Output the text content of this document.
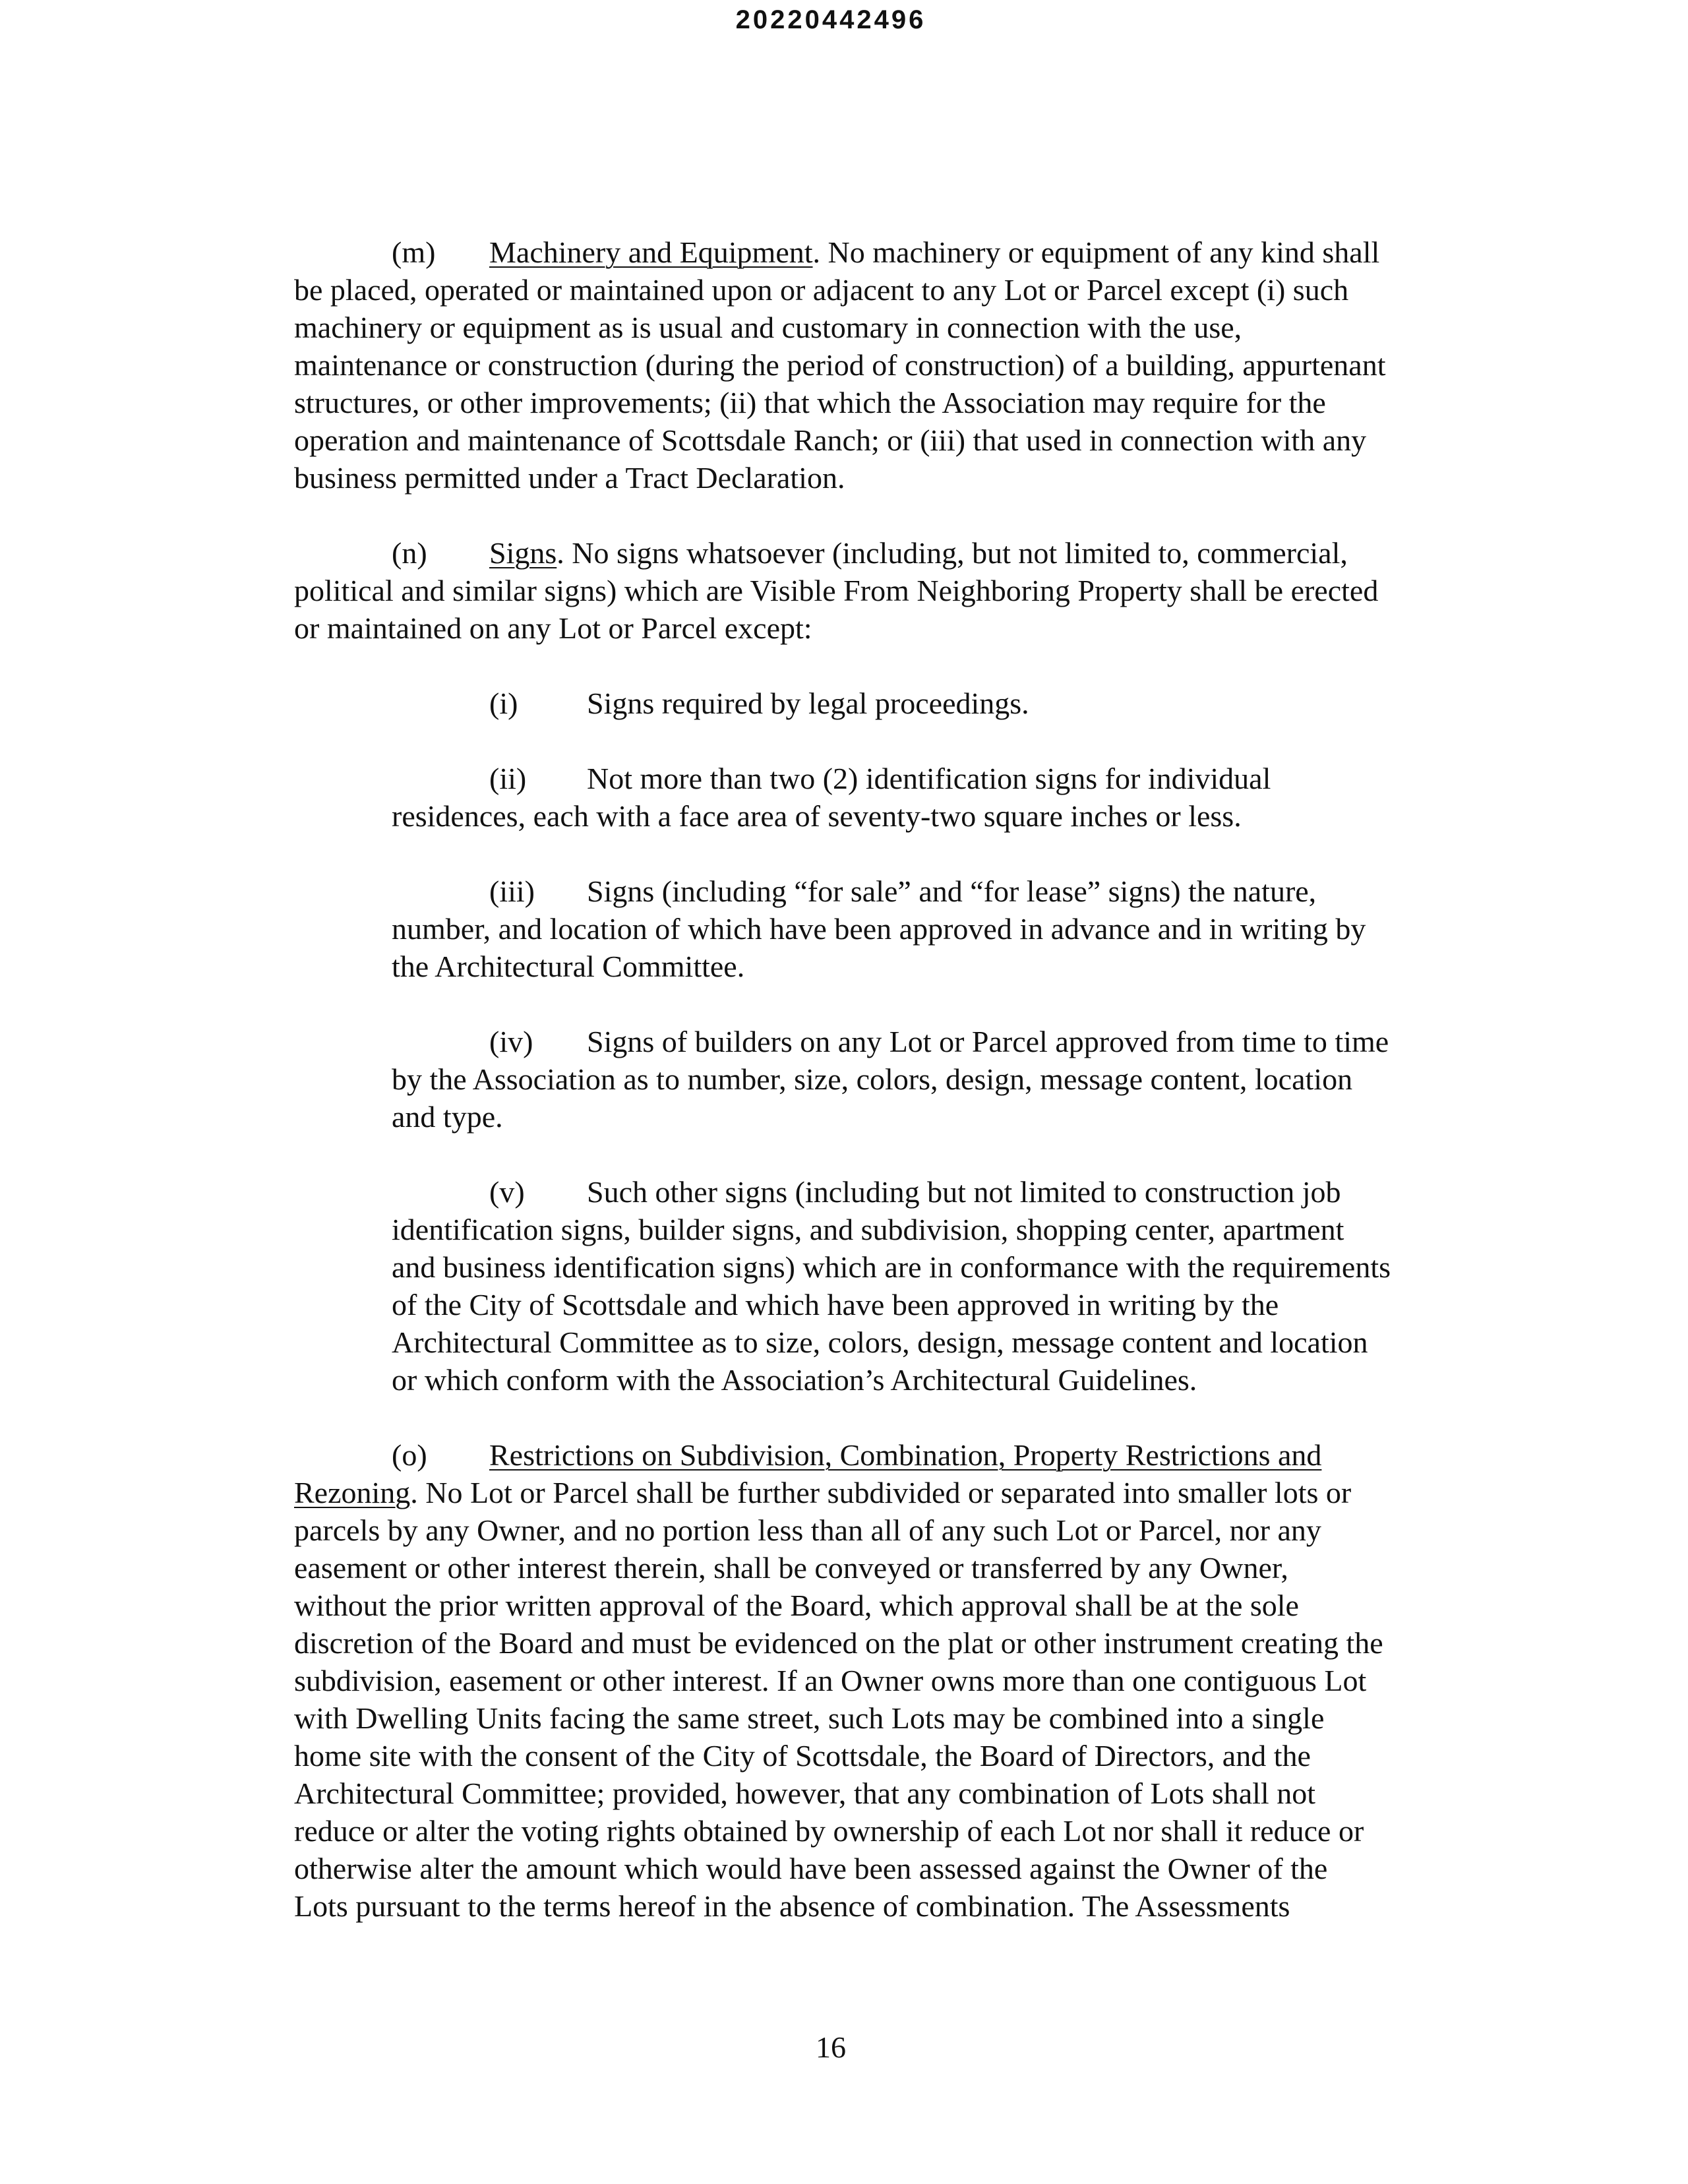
20220442496

(m) Machinery and Equipment. No machinery or equipment of any kind shall
be placed, operated or maintained upon or adjacent to any Lot or Parcel except (i) such
machinery or equipment as is usual and customary in connection with the use,
maintenance or construction (during the period of construction) of a building, appurtenant
structures, or other improvements; (ii) that which the Association may require for the
operation and maintenance of Scottsdale Ranch; or (iii) that used in connection with any
business permitted under a Tract Declaration.

(n) Signs. No signs whatsoever (including, but not limited to, commercial,
political and similar signs) which are Visible From Neighboring Property shall be erected
or maintained on any Lot or Parcel except:

(i) Signs required by legal proceedings.

(ii) Not more than two (2) identification signs for individual
residences, each with a face area of seventy-two square inches or less.

(iii) Signs (including “for sale” and “for lease” signs) the nature,
number, and location of which have been approved in advance and in writing by
the Architectural Committee.

(iv) Signs of builders on any Lot or Parcel approved from time to time
by the Association as to number, size, colors, design, message content, location
and type.

(v) Such other signs (including but not limited to construction job
identification signs, builder signs, and subdivision, shopping center, apartment
and business identification signs) which are in conformance with the requirements
of the City of Scottsdale and which have been approved in writing by the
Architectural Committee as to size, colors, design, message content and location
or which conform with the Association’s Architectural Guidelines.

(o) Restrictions on Subdivision, Combination, Property Restrictions and
Rezoning. No Lot or Parcel shall be further subdivided or separated into smaller lots or
parcels by any Owner, and no portion less than all of any such Lot or Parcel, nor any
easement or other interest therein, shall be conveyed or transferred by any Owner,
without the prior written approval of the Board, which approval shall be at the sole
discretion of the Board and must be evidenced on the plat or other instrument creating the
subdivision, easement or other interest. If an Owner owns more than one contiguous Lot
with Dwelling Units facing the same street, such Lots may be combined into a single
home site with the consent of the City of Scottsdale, the Board of Directors, and the
Architectural Committee; provided, however, that any combination of Lots shall not
reduce or alter the voting rights obtained by ownership of each Lot nor shall it reduce or
otherwise alter the amount which would have been assessed against the Owner of the
Lots pursuant to the terms hereof in the absence of combination. The Assessments

16
